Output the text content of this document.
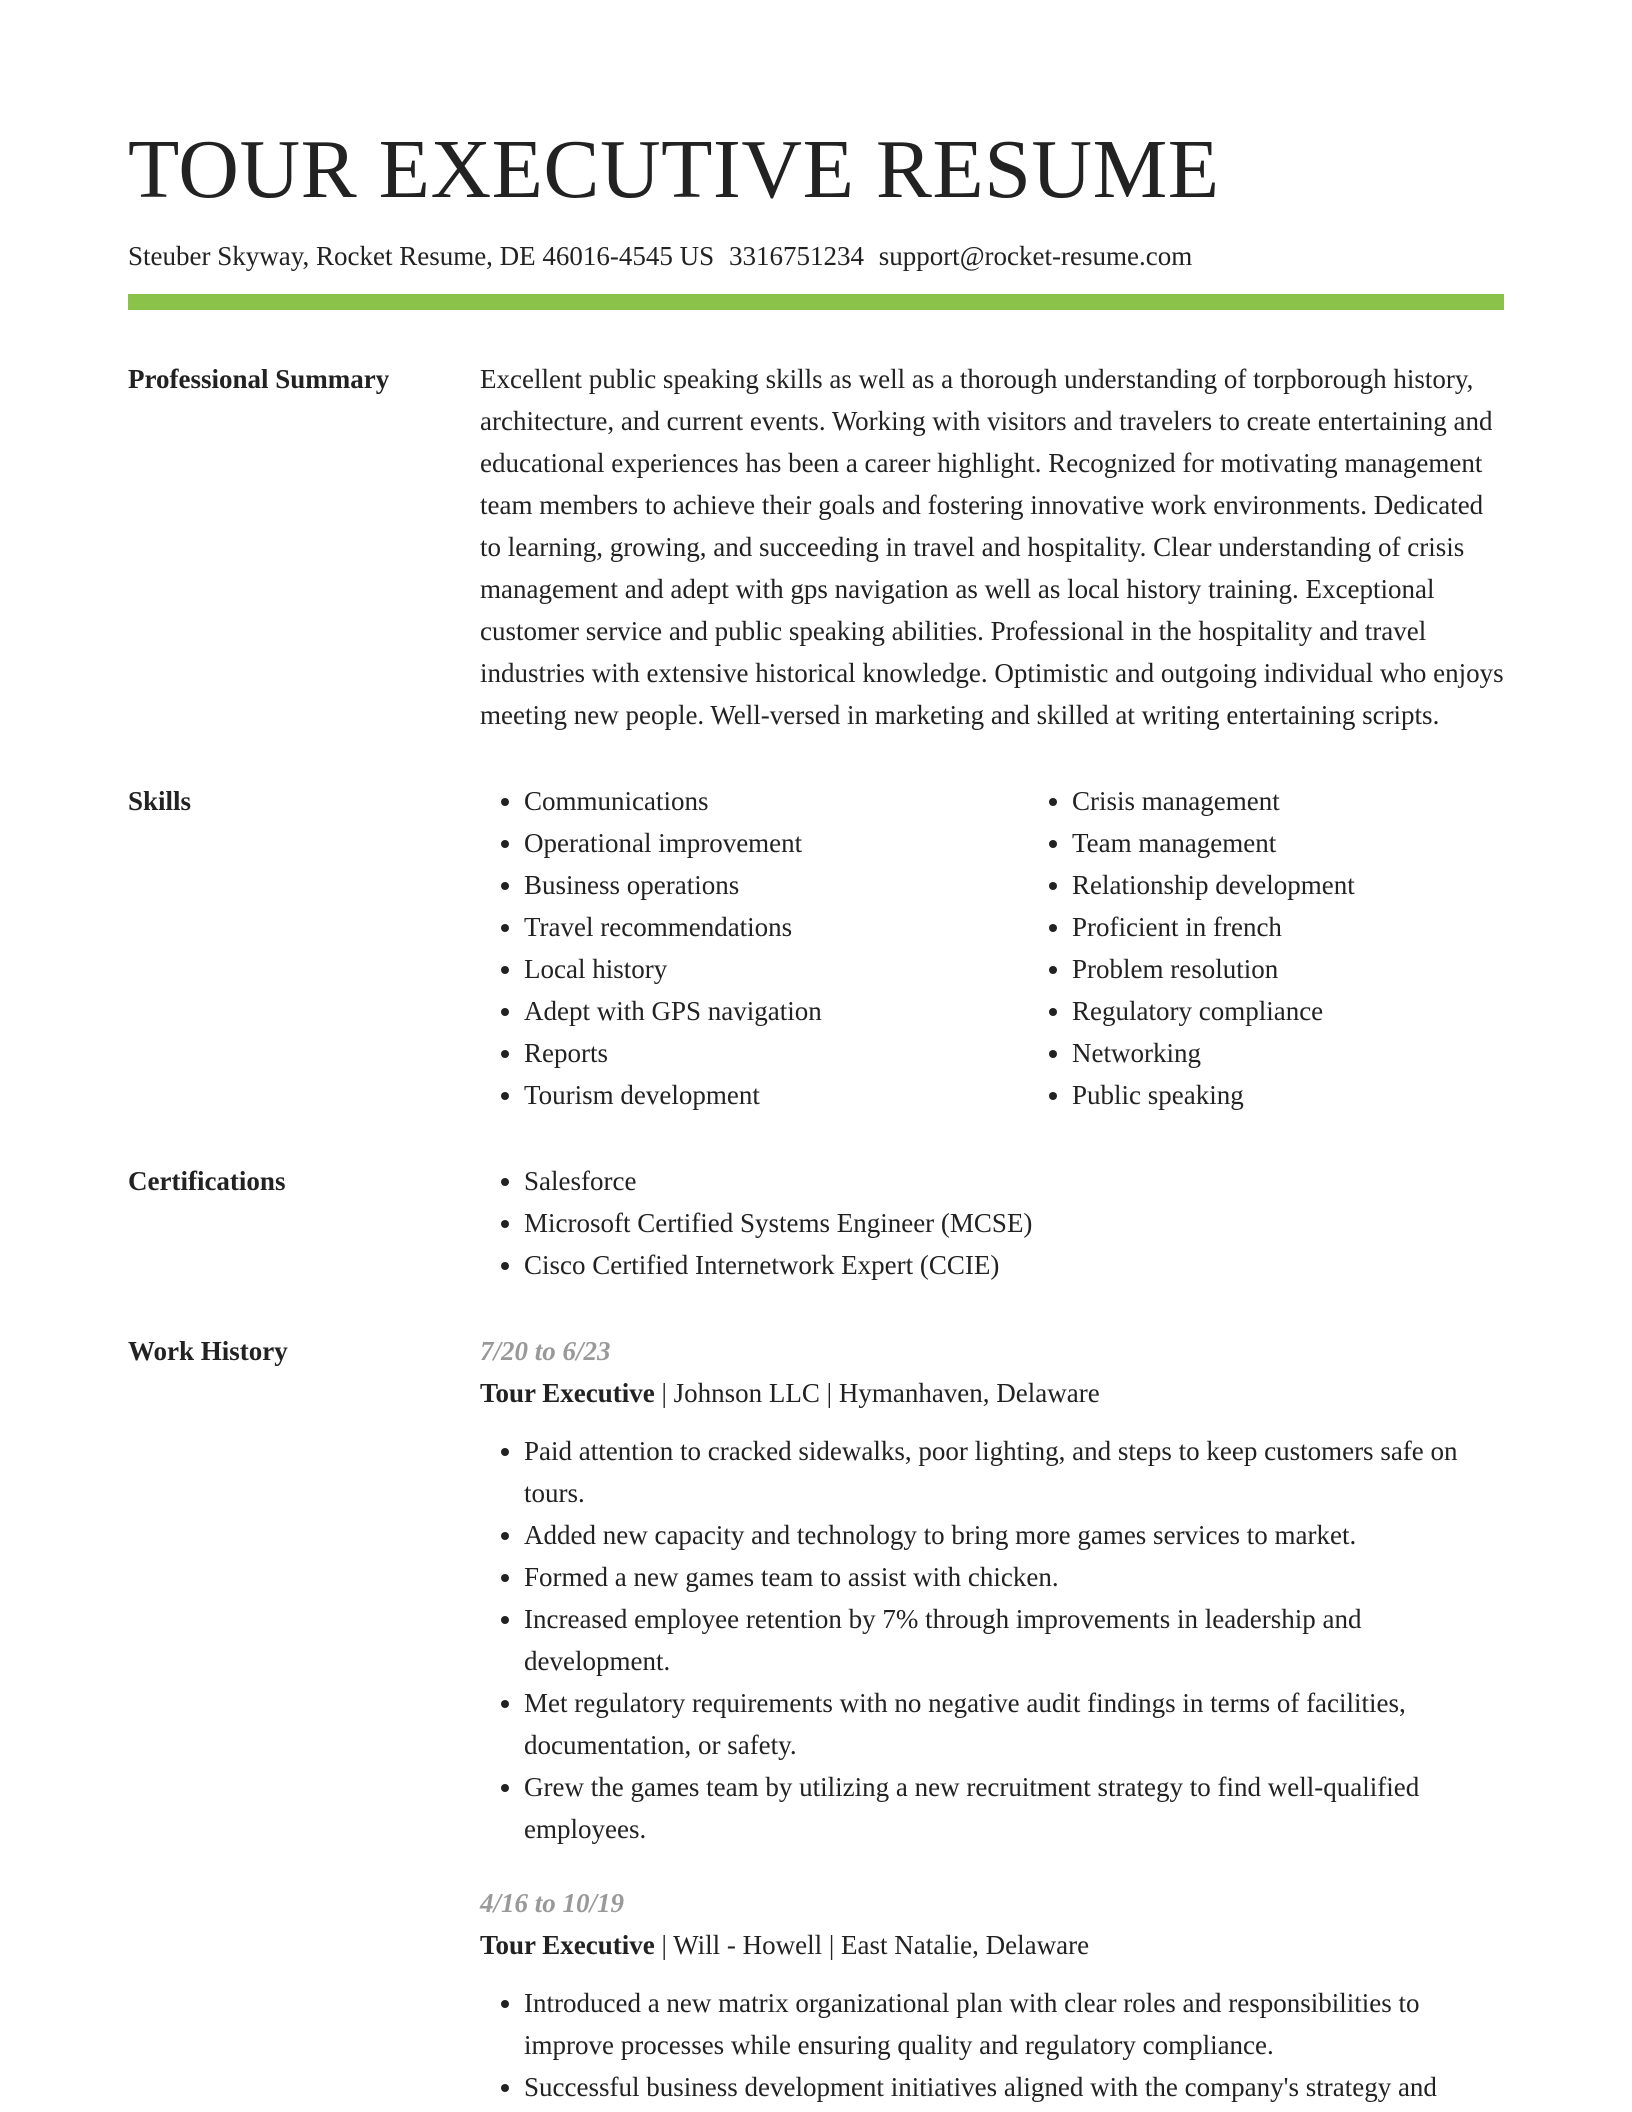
TOUR EXECUTIVE RESUME
Steuber Skyway, Rocket Resume, DE 46016-4545 US 3316751234 support@rocket-resume.com
Professional Summary	Excellent public speaking skills as well as a thorough understanding of torpborough history, architecture, and current events. Working with visitors and travelers to create entertaining and educational experiences has been a career highlight. Recognized for motivating management team members to achieve their goals and fostering innovative work environments. Dedicated to learning, growing, and succeeding in travel and hospitality. Clear understanding of crisis management and adept with gps navigation as well as local history training. Exceptional customer service and public speaking abilities. Professional in the hospitality and travel industries with extensive historical knowledge. Optimistic and outgoing individual who enjoys meeting new people. Well-versed in marketing and skilled at writing entertaining scripts.

Skills	• Communications
• Operational improvement
• Business operations
• Travel recommendations
• Local history
• Adept with GPS navigation
• Reports
• Tourism development
• Crisis management
• Team management
• Relationship development
• Proficient in french
• Problem resolution
• Regulatory compliance
• Networking
• Public speaking
Certifications	• Salesforce
• Microsoft Certified Systems Engineer (MCSE)
• Cisco Certified Internetwork Expert (CCIE)
Work History	7/20 to 6/23
Tour Executive | Johnson LLC | Hymanhaven, Delaware
• Paid attention to cracked sidewalks, poor lighting, and steps to keep customers safe on tours.
• Added new capacity and technology to bring more games services to market.
• Formed a new games team to assist with chicken.
• Increased employee retention by 7% through improvements in leadership and development.
• Met regulatory requirements with no negative audit findings in terms of facilities, documentation, or safety.
• Grew the games team by utilizing a new recruitment strategy to find well-qualified employees.
4/16 to 10/19
Tour Executive | Will - Howell | East Natalie, Delaware
• Introduced a new matrix organizational plan with clear roles and responsibilities to improve processes while ensuring quality and regulatory compliance.
• Successful business development initiatives aligned with the company's strategy and
